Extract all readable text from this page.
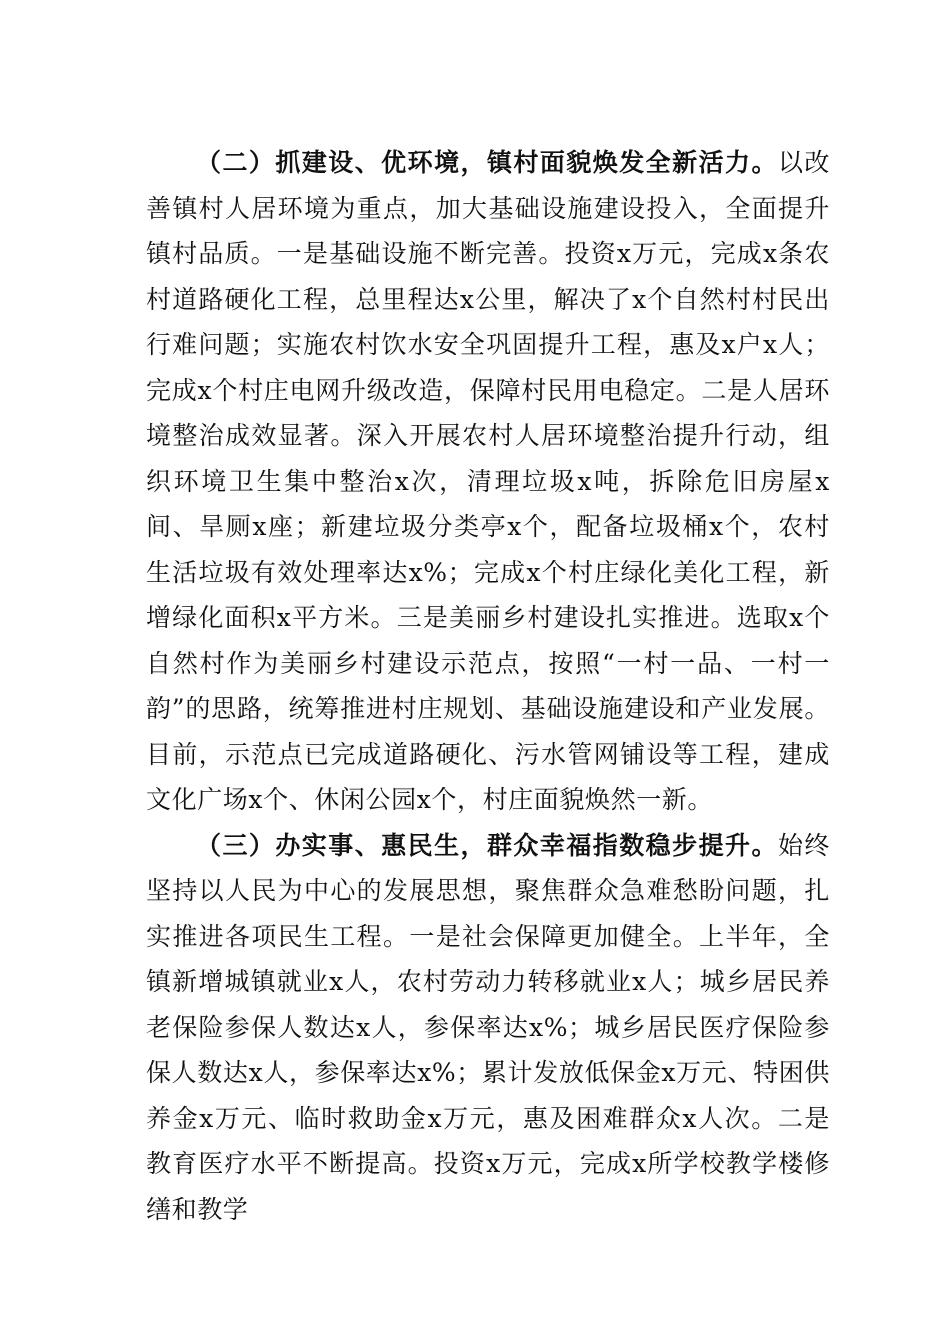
（二）抓建设、优环境，镇村面貌焕发全新活力。以改善镇村人居环境为重点，加大基础设施建设投入，全面提升镇村品质。一是基础设施不断完善。投资x万元，完成x条农村道路硬化工程，总里程达x公里，解决了x个自然村村民出行难问题；实施农村饮水安全巩固提升工程，惠及x户x人；完成x个村庄电网升级改造，保障村民用电稳定。二是人居环境整治成效显著。深入开展农村人居环境整治提升行动，组织环境卫生集中整治x次，清理垃圾x吨，拆除危旧房屋x间、旱厕x座；新建垃圾分类亭x个，配备垃圾桶x个，农村生活垃圾有效处理率达x%；完成x个村庄绿化美化工程，新增绿化面积x平方米。三是美丽乡村建设扎实推进。选取x个自然村作为美丽乡村建设示范点，按照“一村一品、一村一韵”的思路，统筹推进村庄规划、基础设施建设和产业发展。目前，示范点已完成道路硬化、污水管网铺设等工程，建成文化广场x个、休闲公园x个，村庄面貌焕然一新。

（三）办实事、惠民生，群众幸福指数稳步提升。始终坚持以人民为中心的发展思想，聚焦群众急难愁盼问题，扎实推进各项民生工程。一是社会保障更加健全。上半年，全镇新增城镇就业x人，农村劳动力转移就业x人；城乡居民养老保险参保人数达x人，参保率达x%；城乡居民医疗保险参保人数达x人，参保率达x%；累计发放低保金x万元、特困供养金x万元、临时救助金x万元，惠及困难群众x人次。二是教育医疗水平不断提高。投资x万元，完成x所学校教学楼修缮和教学
